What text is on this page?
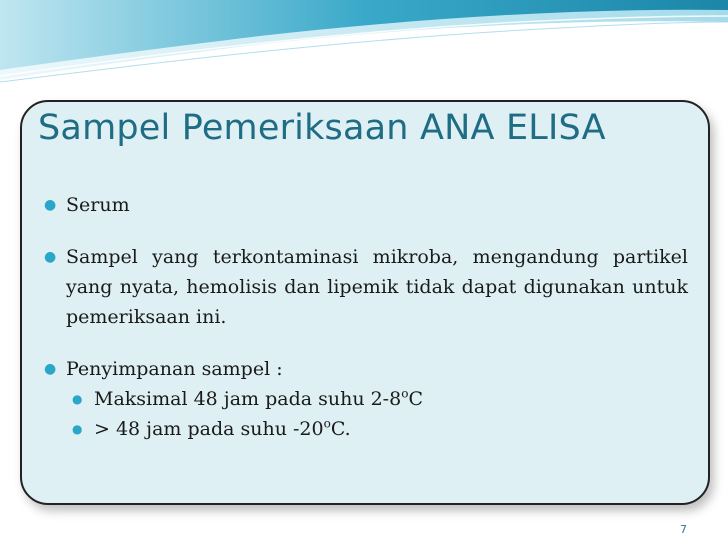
Sampel Pemeriksaan ANA ELISA
● Serum
● Sampel yang terkontaminasi mikroba, mengandung partikel yang nyata, hemolisis dan lipemik tidak dapat digunakan untuk pemeriksaan ini.
● Penyimpanan sampel :
● Maksimal 48 jam pada suhu 2-8$^o$C
● > 48 jam pada suhu -20$^o$C.
7
